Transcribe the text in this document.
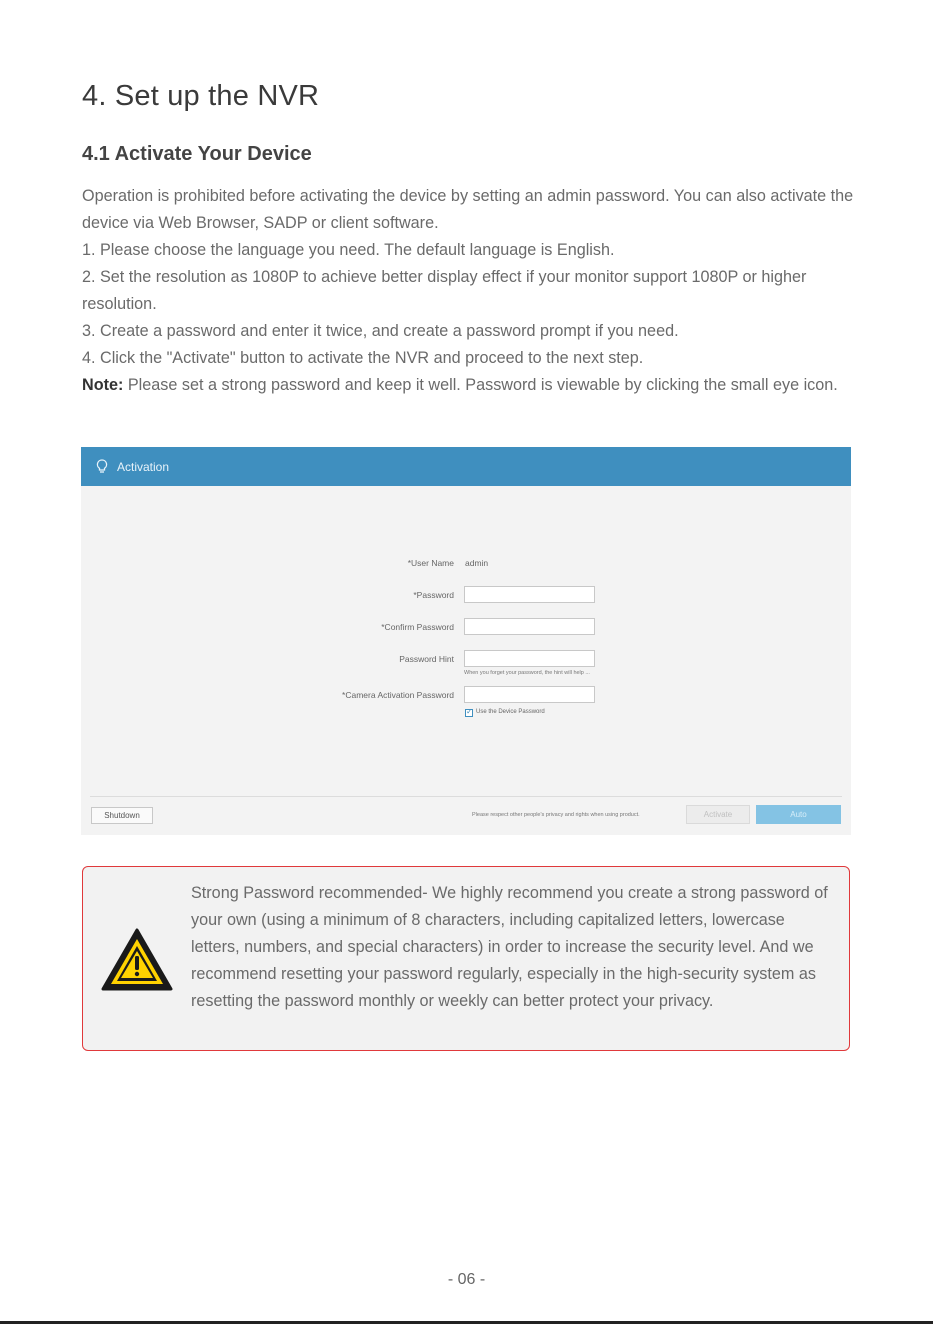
4. Set up the NVR
4.1 Activate Your Device

Operation is prohibited before activating the device by setting an admin password. You can also activate the device via Web Browser, SADP or client software.

1. Please choose the language you need. The default language is English.

2. Set the resolution as 1080P to achieve better display effect if your monitor support 1080P or higher resolution.

3. Create a password and enter it twice, and create a password prompt if you need.

4. Click the "Activate" button to activate the NVR and proceed to the next step.

Note: Please set a strong password and keep it well. Password is viewable by clicking the small eye icon.

Activation
*User Name admin
*Password
*Confirm Password
Password Hint
When you forget your password, the hint will help ...
*Camera Activation Password
✓
Use the Device Password
Shutdown	Please respect other people's privacy and rights when using product.	Activate	Auto
Strong Password recommended- We highly recommend you create a strong password of your own (using a minimum of 8 characters, including capitalized letters, lowercase letters, numbers, and special characters) in order to increase the security level. And we recommend resetting your password regularly, especially in the high-security system as resetting the password monthly or weekly can better protect your privacy.
- 06 -
